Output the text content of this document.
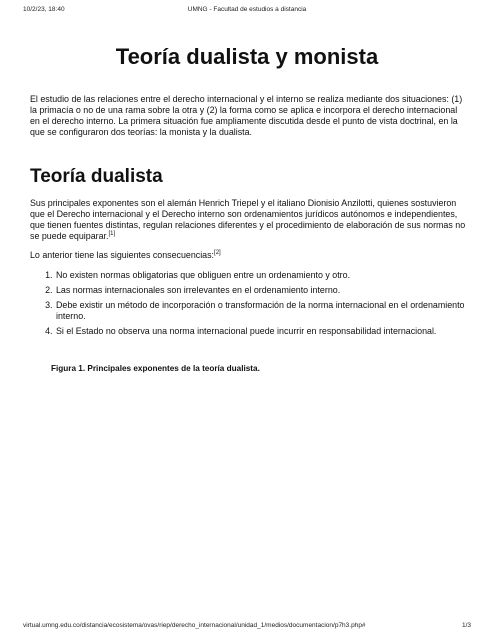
10/2/23, 18:40	UMNG - Facultad de estudios a distancia
Teoría dualista y monista

El estudio de las relaciones entre el derecho internacional y el interno se realiza mediante dos situaciones: (1) la primacía o no de una rama sobre la otra y (2) la forma como se aplica e incorpora el derecho internacional en el derecho interno. La primera situación fue ampliamente discutida desde el punto de vista doctrinal, en la que se configuraron dos teorías: la monista y la dualista.

Teoría dualista

Sus principales exponentes son el alemán Henrich Triepel y el italiano Dionisio Anzilotti, quienes sostuvieron que el Derecho internacional y el Derecho interno son ordenamientos jurídicos autónomos e independientes, que tienen fuentes distintas, regulan relaciones diferentes y el procedimiento de elaboración de sus normas no se puede equiparar.[1]

Lo anterior tiene las siguientes consecuencias:[2]

1. No existen normas obligatorias que obliguen entre un ordenamiento y otro.
2. Las normas internacionales son irrelevantes en el ordenamiento interno.
3. Debe existir un método de incorporación o transformación de la norma internacional en el ordenamiento interno.
4. Si el Estado no observa una norma internacional puede incurrir en responsabilidad internacional.

Figura 1. Principales exponentes de la teoría dualista.

virtual.umng.edu.co/distancia/ecosistema/ovas/riep/derecho_internacional/unidad_1/medios/documentacion/p7h3.php#	1/3
